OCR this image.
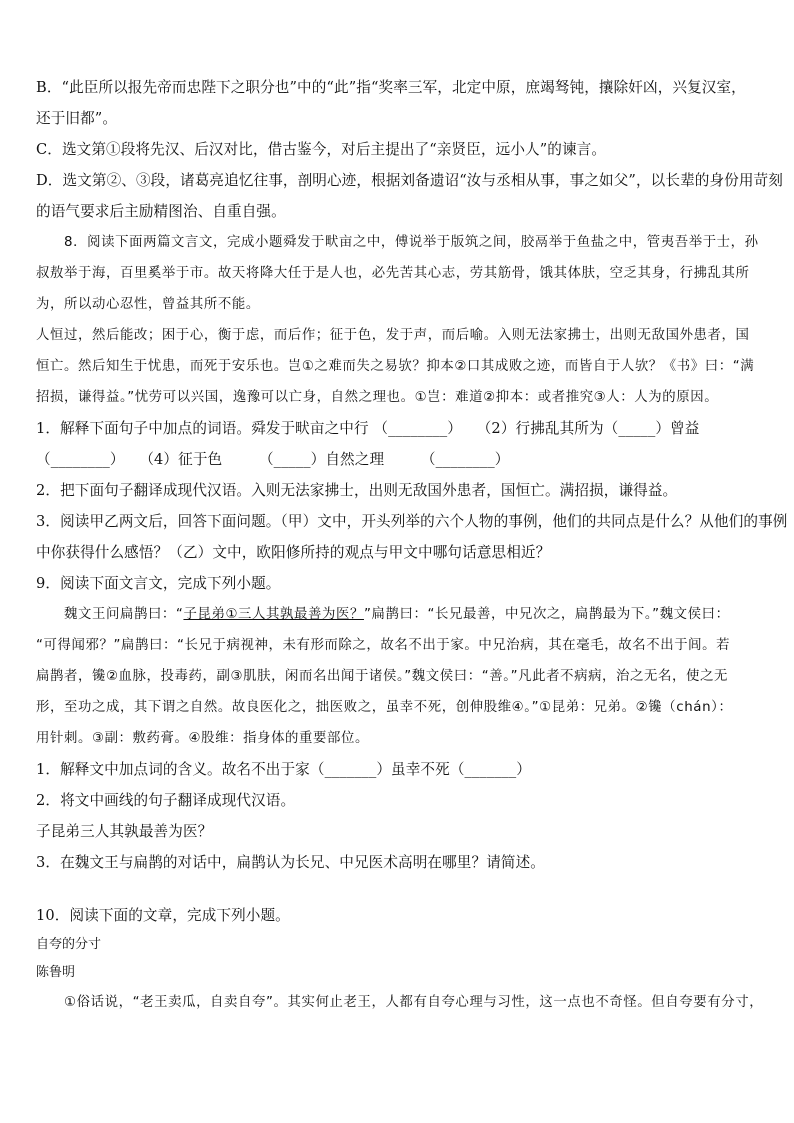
B．“此臣所以报先帝而忠陛下之职分也”中的“此”指“奖率三军，北定中原，庶竭驽钝，攘除奸凶，兴复汉室，
还于旧都”。
C．选文第①段将先汉、后汉对比，借古鉴今，对后主提出了“亲贤臣，远小人”的谏言。
D．选文第②、③段，诸葛亮追忆往事，剖明心迹，根据刘备遗诏“汝与丞相从事，事之如父”，以长辈的身份用苛刻
的语气要求后主励精图治、自重自强。
8．阅读下面两篇文言文，完成小题舜发于畎亩之中，傅说举于版筑之间，胶鬲举于鱼盐之中，管夷吾举于士，孙
叔敖举于海，百里奚举于市。故天将降大任于是人也，必先苦其心志，劳其筋骨，饿其体肤，空乏其身，行拂乱其所
为，所以动心忍性，曾益其所不能。
人恒过，然后能改；困于心，衡于虑，而后作；征于色，发于声，而后喻。入则无法家拂士，出则无敌国外患者，国
恒亡。然后知生于忧患，而死于安乐也。岂①之难而失之易欤？抑本②口其成败之迹，而皆自于人欤？《书》曰：“满
招损，谦得益。”忧劳可以兴国，逸豫可以亡身，自然之理也。①岂：难道②抑本：或者推究③人：人为的原因。
1．解释下面句子中加点的词语。舜发于畎亩之中行 （________）　　（2）行拂乱其所为（_____）曾益
（________）　　（4）征于色　　　（_____）自然之理　　　（________）
2．把下面句子翻译成现代汉语。入则无法家拂士，出则无敌国外患者，国恒亡。满招损，谦得益。
3．阅读甲乙两文后，回答下面问题。（甲）文中，开头列举的六个人物的事例，他们的共同点是什么？从他们的事例
中你获得什么感悟？（乙）文中，欧阳修所持的观点与甲文中哪句话意思相近？
9．阅读下面文言文，完成下列小题。
魏文王问扁鹊曰：“子昆弟①三人其孰最善为医？”扁鹊曰：“长兄最善，中兄次之，扁鹊最为下。”魏文侯曰：
“可得闻邪？”扁鹊曰：“长兄于病视神，未有形而除之，故名不出于家。中兄治病，其在毫毛，故名不出于闾。若
扁鹊者，镵②血脉，投毒药，副③肌肤，闲而名出闻于诸侯。”魏文侯曰：“善。”凡此者不病病，治之无名，使之无
形，至功之成，其下谓之自然。故良医化之，拙医败之，虽幸不死，创伸股维④。”①昆弟：兄弟。②镵（chán）：
用针刺。③副：敷药膏。④股维：指身体的重要部位。
1．解释文中加点词的含义。故名不出于家（_______）虽幸不死（_______）
2．将文中画线的句子翻译成现代汉语。
子昆弟三人其孰最善为医？
3．在魏文王与扁鹊的对话中，扁鹊认为长兄、中兄医术高明在哪里？请简述。
10．阅读下面的文章，完成下列小题。
自夸的分寸
陈鲁明
①俗话说，“老王卖瓜，自卖自夸”。其实何止老王，人都有自夸心理与习性，这一点也不奇怪。但自夸要有分寸，
